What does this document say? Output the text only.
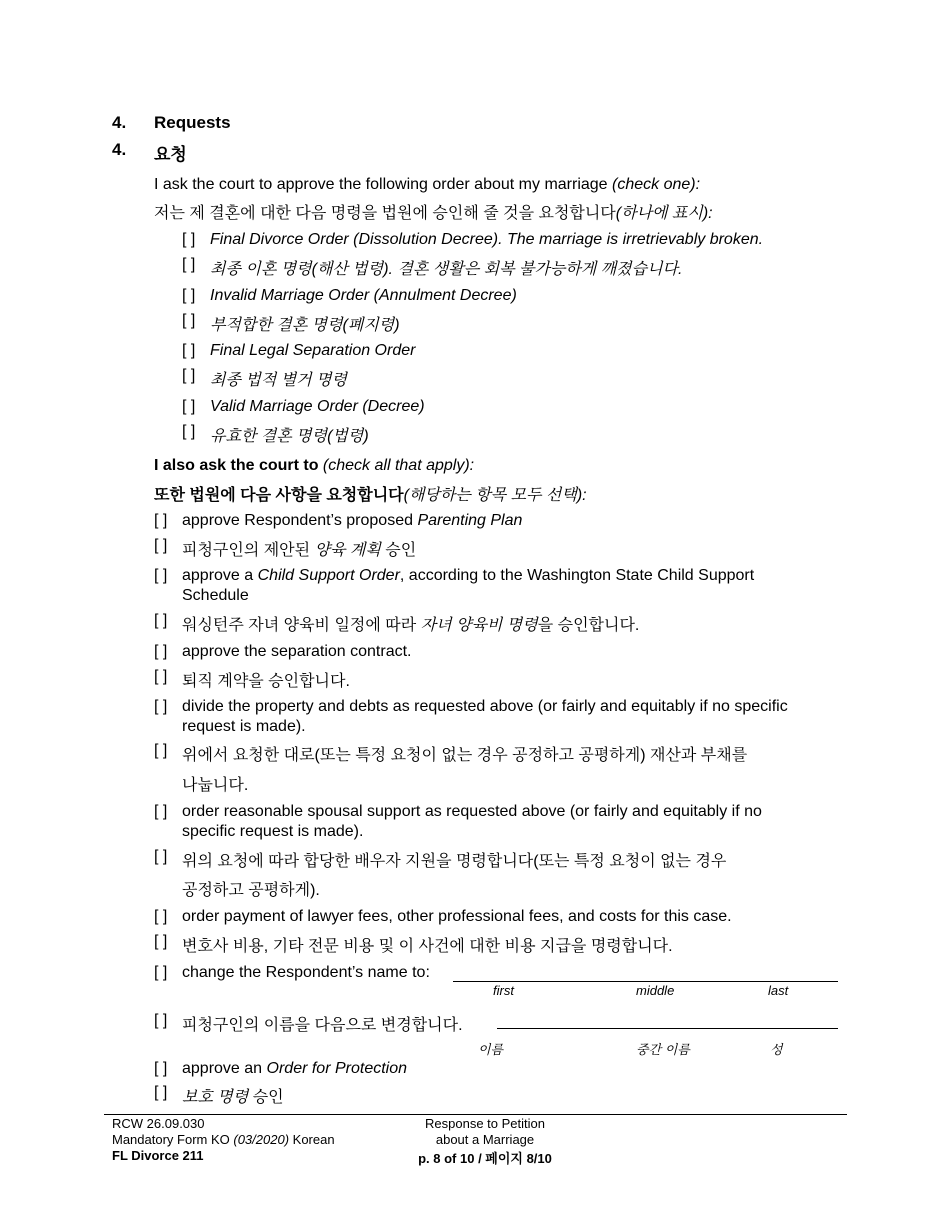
4. Requests
4. 요청
I ask the court to approve the following order about my marriage (check one):
저는 제 결혼에 대한 다음 명령을 법원에 승인해 줄 것을 요청합니다(하나에 표시):
[ ] Final Divorce Order (Dissolution Decree). The marriage is irretrievably broken.
[ ] 최종 이혼 명령(해산 법령). 결혼 생활은 회복 불가능하게 깨졌습니다.
[ ] Invalid Marriage Order (Annulment Decree)
[ ] 부적합한 결혼 명령(폐지령)
[ ] Final Legal Separation Order
[ ] 최종 법적 별거 명령
[ ] Valid Marriage Order (Decree)
[ ] 유효한 결혼 명령(법령)
I also ask the court to (check all that apply):
또한 법원에 다음 사항을 요청합니다(해당하는 항목 모두 선택):
[ ] approve Respondent’s proposed Parenting Plan
[ ] 피청구인의 제안된 양육 계획 승인
[ ] approve a Child Support Order, according to the Washington State Child Support
Schedule
[ ] 워싱턴주 자녀 양육비 일정에 따라 자녀 양육비 명령을 승인합니다.
[ ] approve the separation contract.
[ ] 퇴직 계약을 승인합니다.
[ ] divide the property and debts as requested above (or fairly and equitably if no specific
request is made).
[ ] 위에서 요청한 대로(또는 특정 요청이 없는 경우 공정하고 공평하게) 재산과 부채를
나눕니다.
[ ] order reasonable spousal support as requested above (or fairly and equitably if no
specific request is made).
[ ] 위의 요청에 따라 합당한 배우자 지원을 명령합니다(또는 특정 요청이 없는 경우
공정하고 공평하게).
[ ] order payment of lawyer fees, other professional fees, and costs for this case.
[ ] 변호사 비용, 기타 전문 비용 및 이 사건에 대한 비용 지급을 명령합니다.
[ ] change the Respondent’s name to:
first	middle	last
[ ] 피청구인의 이름을 다음으로 변경합니다.
이름	중간 이름	성
[ ] approve an Order for Protection
[ ] 보호 명령 승인
RCW 26.09.030
Mandatory Form KO (03/2020) Korean
FL Divorce 211
Response to Petition
about a Marriage
p. 8 of 10 / 페이지 8/10
